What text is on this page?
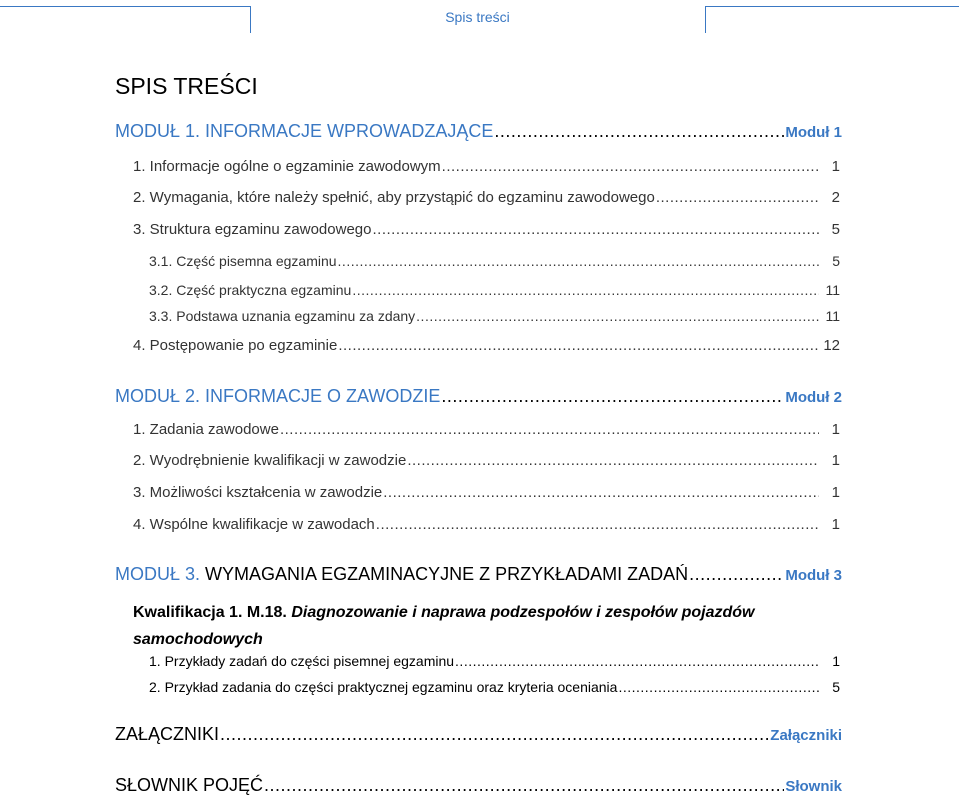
Spis treści
SPIS TREŚCI
MODUŁ 1. INFORMACJE WPROWADZAJĄCE .....	Moduł 1
1. Informacje ogólne o egzaminie zawodowym .....	1
2. Wymagania, które należy spełnić, aby przystąpić do egzaminu zawodowego .....	2
3. Struktura egzaminu zawodowego .....	5
3.1. Część pisemna egzaminu .....	5
3.2. Część praktyczna egzaminu .....	11
3.3. Podstawa uznania egzaminu za zdany .....	11
4. Postępowanie po egzaminie .....	12
MODUŁ 2. INFORMACJE O ZAWODZIE .....	Moduł 2
1. Zadania zawodowe .....	1
2. Wyodrębnienie kwalifikacji w zawodzie .....	1
3. Możliwości kształcenia w zawodzie .....	1
4. Wspólne kwalifikacje w zawodach .....	1
MODUŁ 3. WYMAGANIA EGZAMINACYJNE Z PRZYKŁADAMI ZADAŃ .....	Moduł 3
Kwalifikacja 1. M.18. Diagnozowanie i naprawa podzespołów i zespołów pojazdów samochodowych
1. Przykłady zadań do części pisemnej egzaminu .....	1
2. Przykład zadania do części praktycznej egzaminu oraz kryteria oceniania .....	5
ZAŁĄCZNIKI .....	Załączniki
SŁOWNIK POJĘĆ .....	Słownik
